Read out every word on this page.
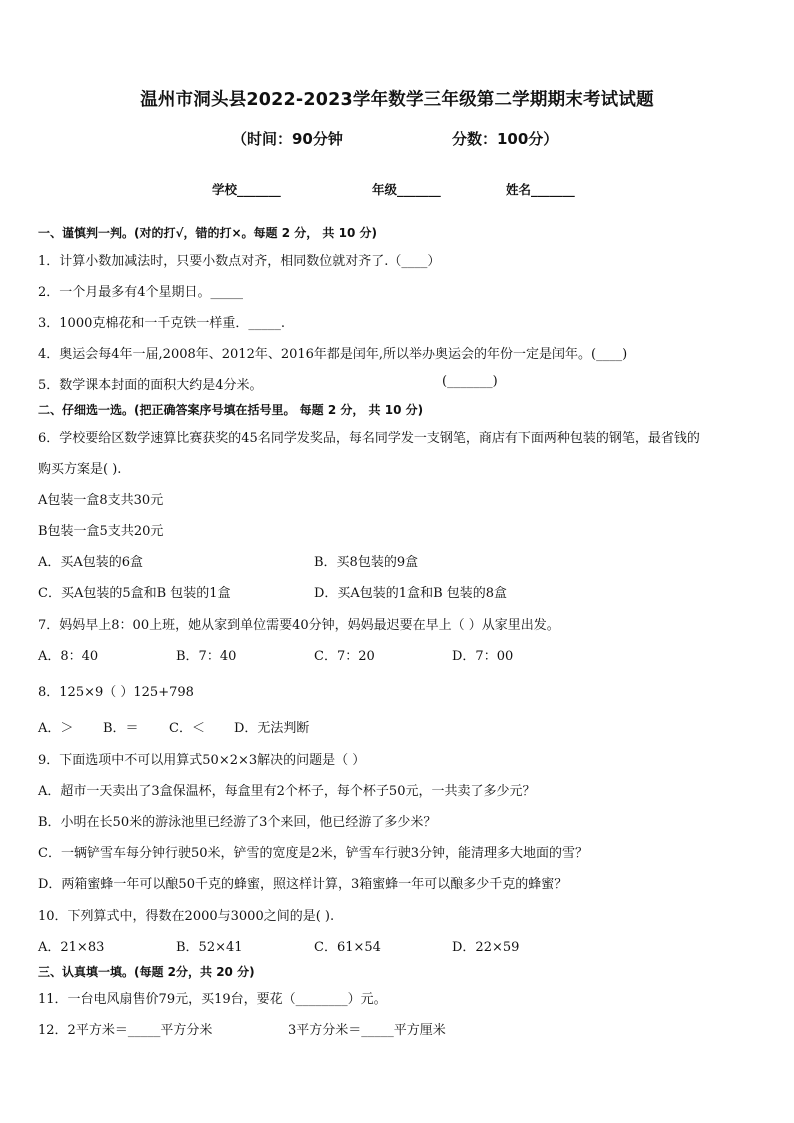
温州市洞头县2022-2023学年数学三年级第二学期期末考试试题
（时间：90分钟	分数：100分）
学校_______	年级_______	姓名_______
一、谨慎判一判。(对的打√，错的打×。每题 2 分， 共 10 分)
1．计算小数加减法时，只要小数点对齐，相同数位就对齐了.（____）
2．一个月最多有4个星期日。_____
3．1000克棉花和一千克铁一样重．_____.
4．奥运会每4年一届,2008年、2012年、2016年都是闰年,所以举办奥运会的年份一定是闰年。(____)
5．数学课本封面的面积大约是4分米。	(_______)
二、仔细选一选。(把正确答案序号填在括号里。 每题 2 分， 共 10 分)
6．学校要给区数学速算比赛获奖的45名同学发奖品，每名同学发一支钢笔，商店有下面两种包装的钢笔，最省钱的
购买方案是( ).
A包装一盒8支共30元
B包装一盒5支共20元
A．买A包装的6盒	B．买8包装的9盒
C．买A包装的5盒和B 包装的1盒	D．买A包装的1盒和B 包装的8盒
7．妈妈早上8：00上班，她从家到单位需要40分钟，妈妈最迟要在早上（ ）从家里出发。
A．8：40	B．7：40	C．7：20	D．7：00
8．125×9（ ）125+798
A．＞ B．＝ C．＜ D．无法判断
9．下面选项中不可以用算式50×2×3解决的问题是（ ）
A．超市一天卖出了3盒保温杯，每盒里有2个杯子，每个杯子50元，一共卖了多少元？
B．小明在长50米的游泳池里已经游了3个来回，他已经游了多少米？
C．一辆铲雪车每分钟行驶50米，铲雪的宽度是2米，铲雪车行驶3分钟，能清理多大地面的雪？
D．两箱蜜蜂一年可以酿50千克的蜂蜜，照这样计算，3箱蜜蜂一年可以酿多少千克的蜂蜜？
10．下列算式中，得数在2000与3000之间的是( ).
A．21×83	B．52×41	C．61×54	D．22×59
三、认真填一填。(每题 2分，共 20 分)
11．一台电风扇售价79元，买19台，要花（________）元。
12．2平方米＝_____平方分米	3平方分米＝_____平方厘米
